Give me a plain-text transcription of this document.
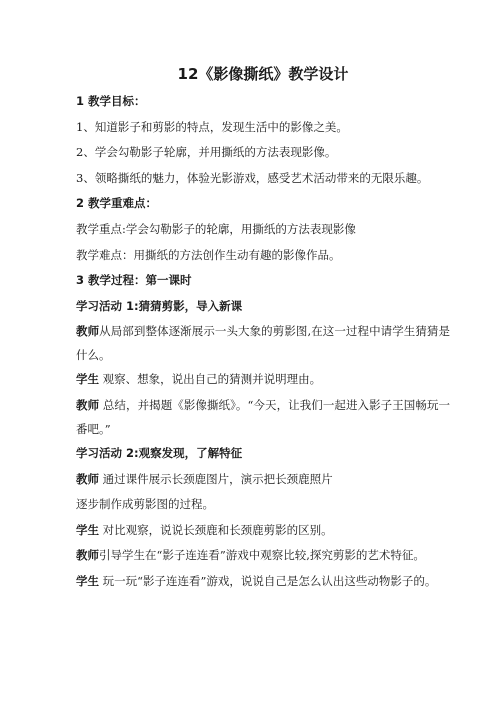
12《影像撕纸》教学设计

1 教学目标：

1、知道影子和剪影的特点，发现生活中的影像之美。

2、学会勾勒影子轮廓，并用撕纸的方法表现影像。

3、领略撕纸的魅力，体验光影游戏，感受艺术活动带来的无限乐趣。

2 教学重难点：

教学重点:学会勾勒影子的轮廓，用撕纸的方法表现影像

教学难点：用撕纸的方法创作生动有趣的影像作品。

3 教学过程：第一课时

学习活动 1:猜猜剪影，导入新课

教师从局部到整体逐渐展示一头大象的剪影图,在这一过程中请学生猜猜是什么。

学生 观察、想象，说出自己的猜测并说明理由。

教师 总结，并揭题《影像撕纸》。“今天，让我们一起进入影子王国畅玩一番吧。”

学习活动 2:观察发现，了解特征

教师 通过课件展示长颈鹿图片，演示把长颈鹿照片

逐步制作成剪影图的过程。

学生 对比观察，说说长颈鹿和长颈鹿剪影的区别。

教师引导学生在“影子连连看”游戏中观察比较,探究剪影的艺术特征。

学生 玩一玩“影子连连看”游戏，说说自己是怎么认出这些动物影子的。
